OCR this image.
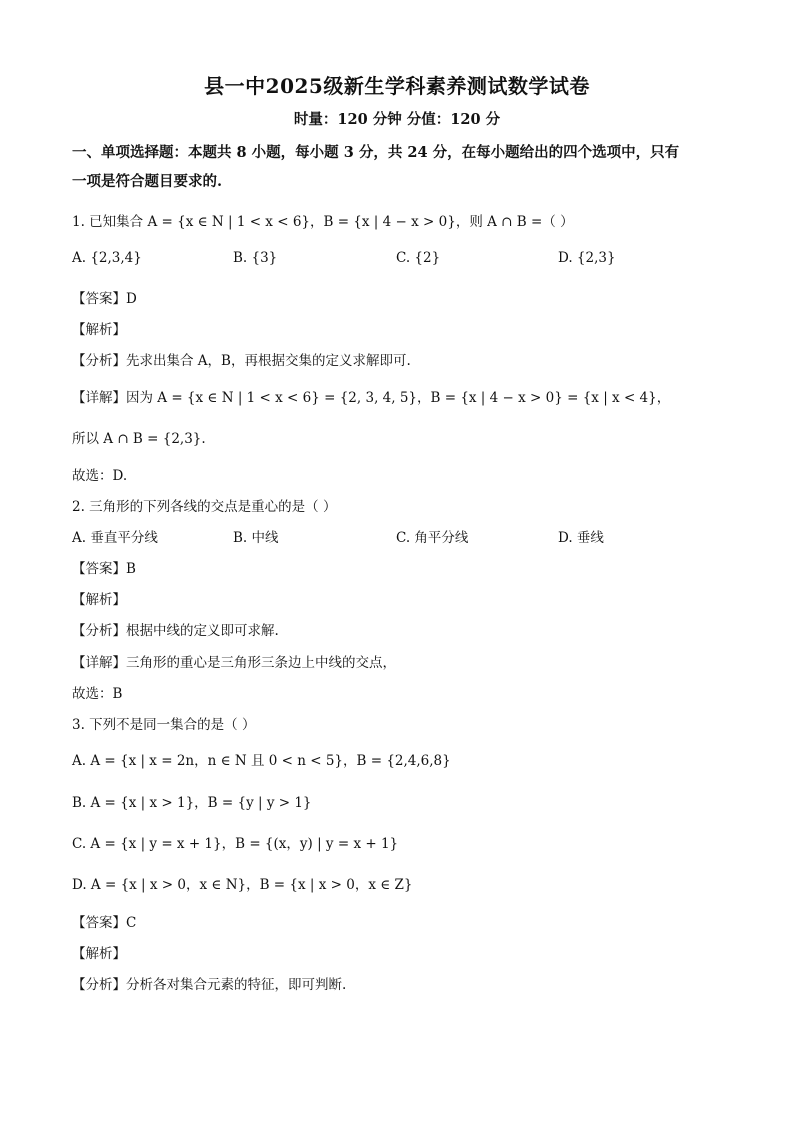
县一中2025级新生学科素养测试数学试卷
时量：120 分钟 分值：120 分
一、单项选择题：本题共 8 小题，每小题 3 分，共 24 分，在每小题给出的四个选项中，只有
一项是符合题目要求的.
1. 已知集合 A = {x ∈ N | 1 < x < 6}，B = {x | 4 − x > 0}，则 A ∩ B =（ ）
A. {2,3,4}	B. {3}	C. {2}	D. {2,3}
【答案】D
【解析】
【分析】先求出集合 A，B，再根据交集的定义求解即可.
【详解】因为 A = {x ∈ N | 1 < x < 6} = {2, 3, 4, 5}，B = {x | 4 − x > 0} = {x | x < 4}，
所以 A ∩ B = {2,3}.
故选：D.
2. 三角形的下列各线的交点是重心的是（ ）
A. 垂直平分线	B. 中线	C. 角平分线	D. 垂线
【答案】B
【解析】
【分析】根据中线的定义即可求解.
【详解】三角形的重心是三角形三条边上中线的交点，
故选：B
3. 下列不是同一集合的是（ ）
A. A = {x | x = 2n，n ∈ N 且 0 < n < 5}，B = {2,4,6,8}
B. A = {x | x > 1}，B = {y | y > 1}
C. A = {x | y = x + 1}，B = {(x，y) | y = x + 1}
D. A = {x | x > 0，x ∈ N}，B = {x | x > 0，x ∈ Z}
【答案】C
【解析】
【分析】分析各对集合元素的特征，即可判断.
